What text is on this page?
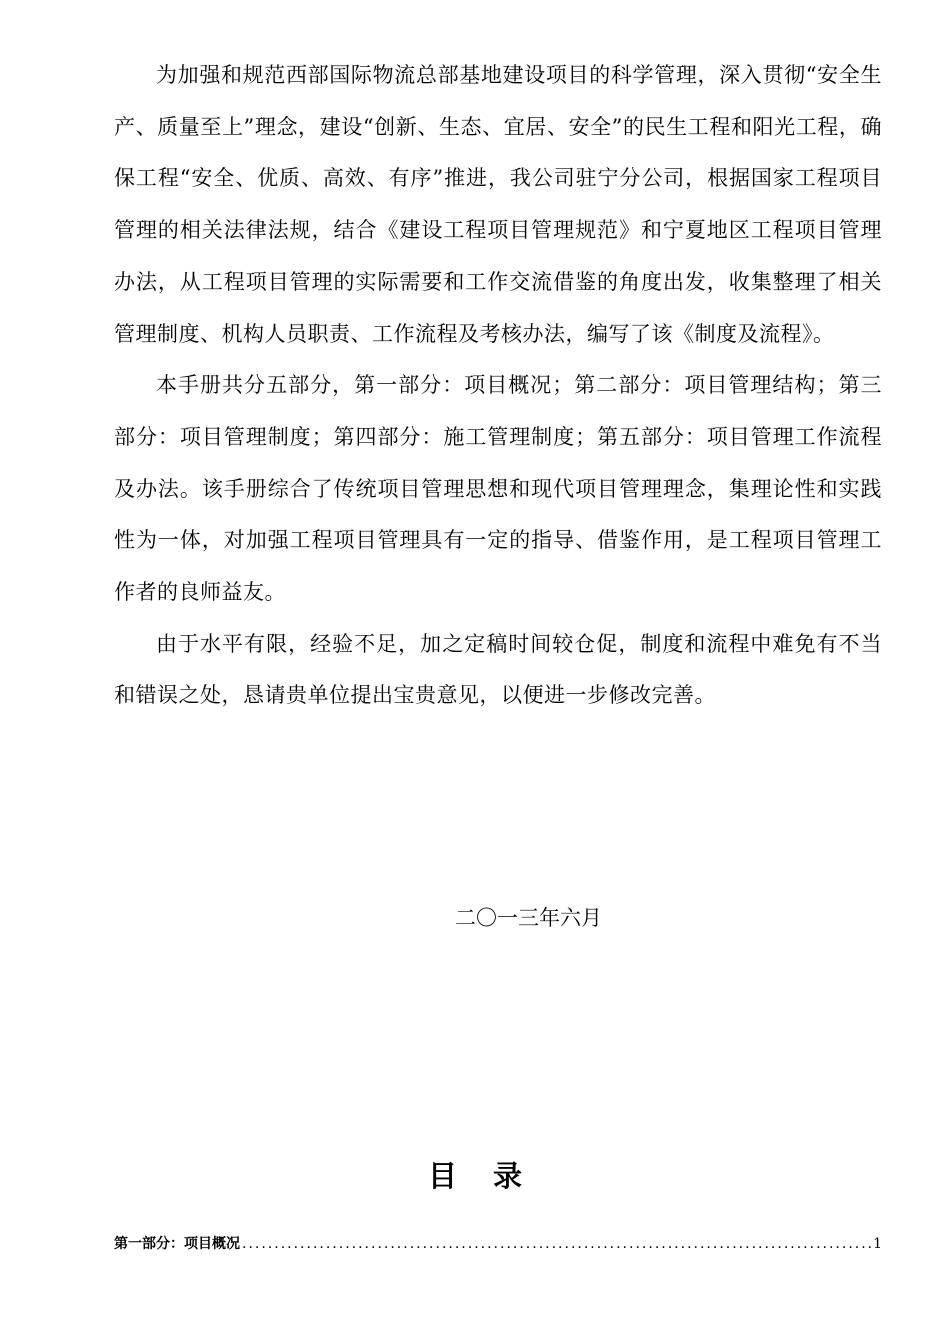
为加强和规范西部国际物流总部基地建设项目的科学管理，深入贯彻“安全生产、质量至上”理念，建设“创新、生态、宜居、安全”的民生工程和阳光工程，确保工程“安全、优质、高效、有序”推进，我公司驻宁分公司，根据国家工程项目管理的相关法律法规，结合《建设工程项目管理规范》和宁夏地区工程项目管理办法，从工程项目管理的实际需要和工作交流借鉴的角度出发，收集整理了相关管理制度、机构人员职责、工作流程及考核办法，编写了该《制度及流程》。

本手册共分五部分，第一部分：项目概况；第二部分：项目管理结构；第三部分：项目管理制度；第四部分：施工管理制度；第五部分：项目管理工作流程及办法。该手册综合了传统项目管理思想和现代项目管理理念，集理论性和实践性为一体，对加强工程项目管理具有一定的指导、借鉴作用，是工程项目管理工作者的良师益友。

由于水平有限，经验不足，加之定稿时间较仓促，制度和流程中难免有不当和错误之处，恳请贵单位提出宝贵意见，以便进一步修改完善。

二〇一三年六月
目录
第一部分：项目概况
.....	1
